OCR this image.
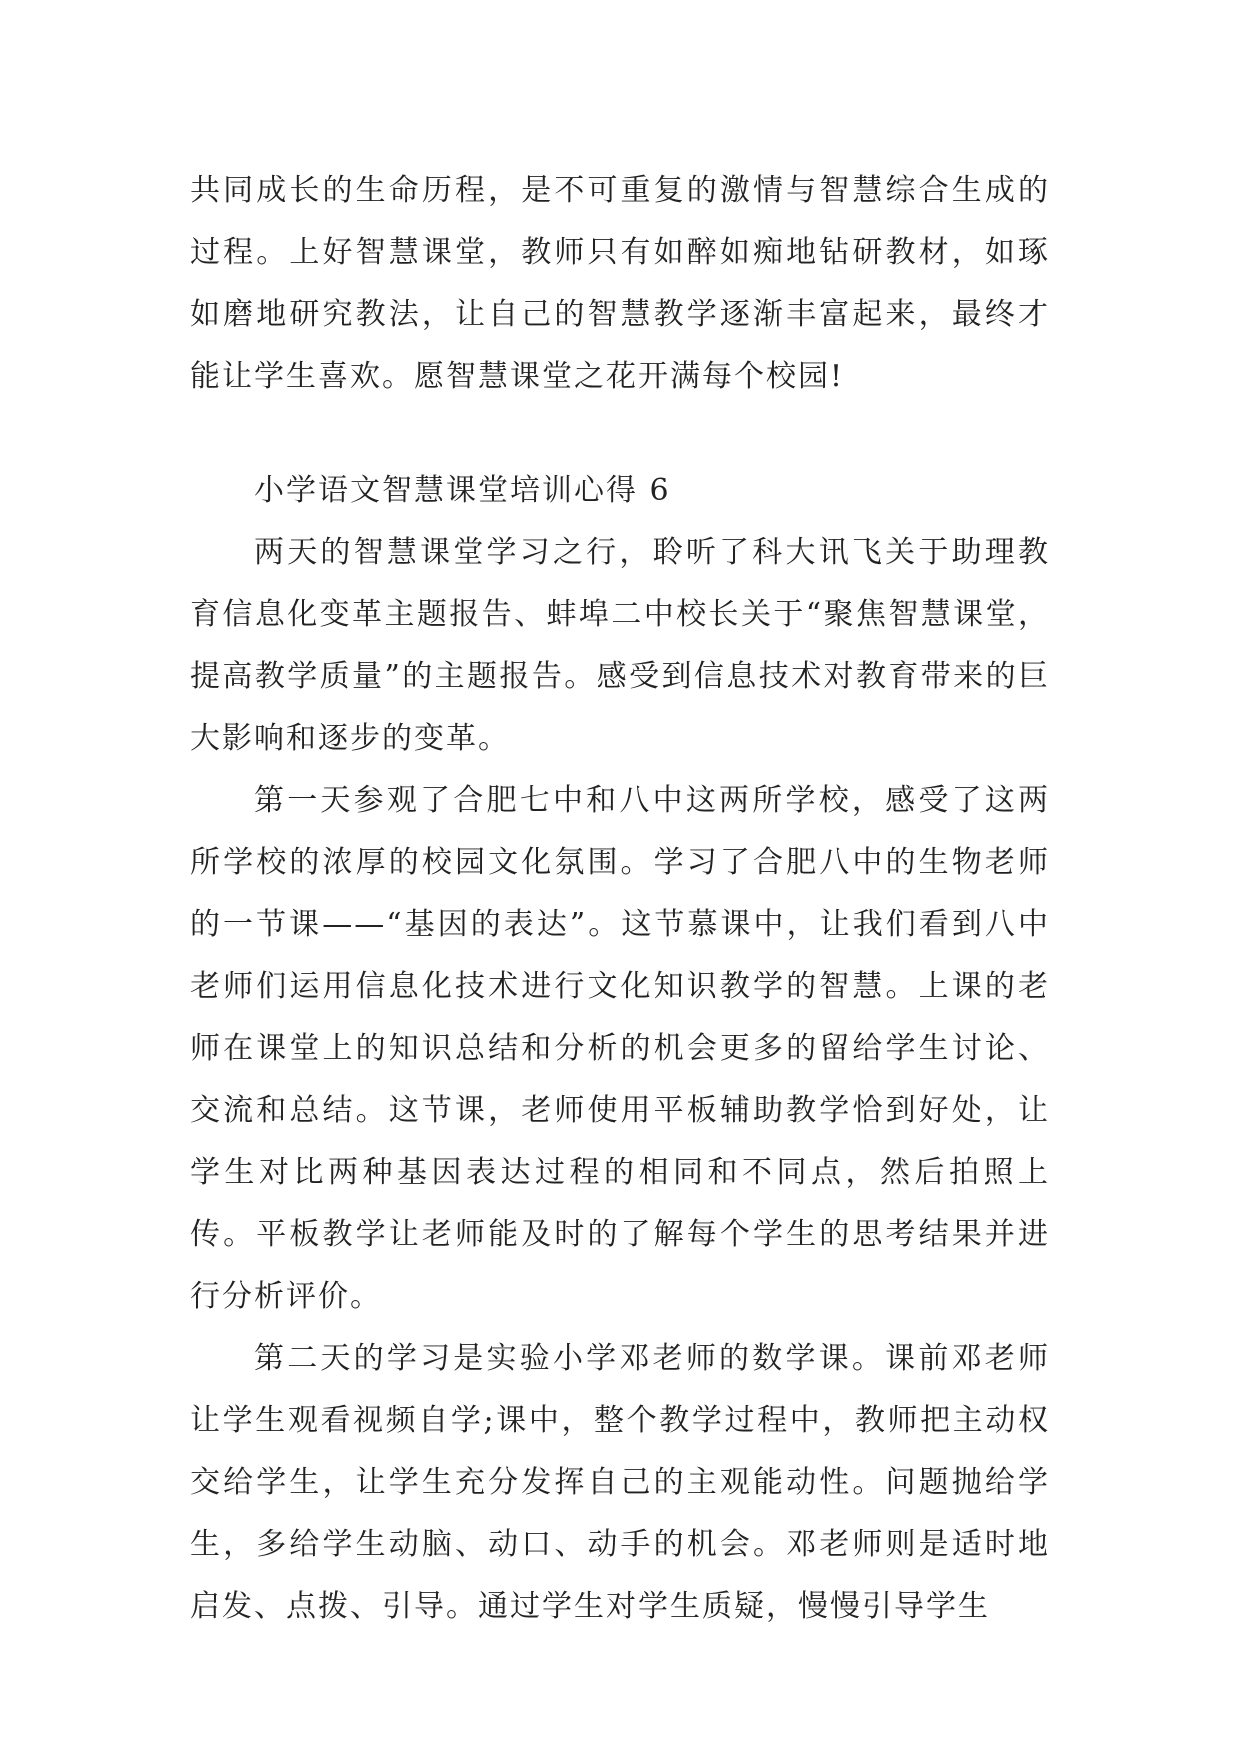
共同成长的生命历程，是不可重复的激情与智慧综合生成的过程。上好智慧课堂，教师只有如醉如痴地钻研教材，如琢如磨地研究教法，让自己的智慧教学逐渐丰富起来，最终才能让学生喜欢。愿智慧课堂之花开满每个校园!

小学语文智慧课堂培训心得 6

两天的智慧课堂学习之行，聆听了科大讯飞关于助理教育信息化变革主题报告、蚌埠二中校长关于“聚焦智慧课堂，提高教学质量”的主题报告。感受到信息技术对教育带来的巨大影响和逐步的变革。

第一天参观了合肥七中和八中这两所学校，感受了这两所学校的浓厚的校园文化氛围。学习了合肥八中的生物老师的一节课——“基因的表达”。这节慕课中，让我们看到八中老师们运用信息化技术进行文化知识教学的智慧。上课的老师在课堂上的知识总结和分析的机会更多的留给学生讨论、交流和总结。这节课，老师使用平板辅助教学恰到好处，让学生对比两种基因表达过程的相同和不同点，然后拍照上传。平板教学让老师能及时的了解每个学生的思考结果并进行分析评价。

第二天的学习是实验小学邓老师的数学课。课前邓老师让学生观看视频自学;课中，整个教学过程中，教师把主动权交给学生，让学生充分发挥自己的主观能动性。问题抛给学生，多给学生动脑、动口、动手的机会。邓老师则是适时地启发、点拨、引导。通过学生对学生质疑，慢慢引导学生
